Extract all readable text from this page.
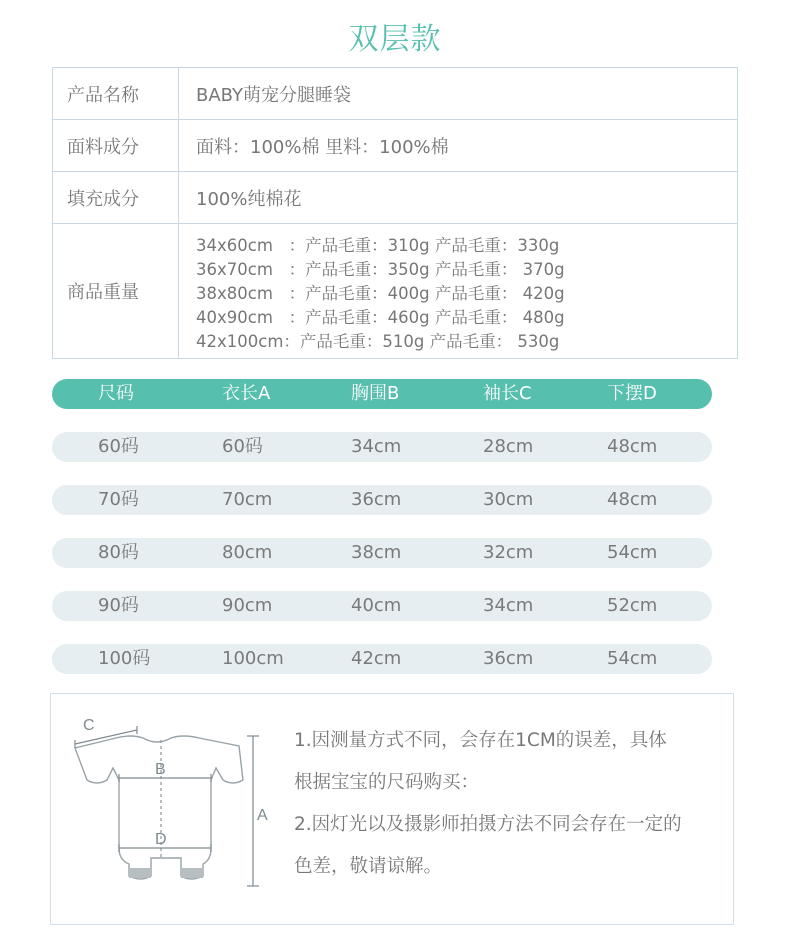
双层款
产品名称	BABY萌宠分腿睡袋
面料成分	面料：100%棉 里料：100%棉
填充成分	100%纯棉花
商品重量	34x60cm   ：产品毛重：310g 产品毛重：330g
36x70cm   ：产品毛重：350g 产品毛重： 370g
38x80cm   ：产品毛重：400g 产品毛重： 420g
40x90cm   ：产品毛重：460g 产品毛重： 480g
42x100cm：产品毛重：510g 产品毛重： 530g
尺码	衣长A	胸围B	袖长C	下摆D
60码	60码	34cm	28cm	48cm
70码	70cm	36cm	30cm	48cm
80码	80cm	38cm	32cm	54cm
90码	90cm	40cm	34cm	52cm
100码	100cm	42cm	36cm	54cm
C
B
D
A

1.因测量方式不同，会存在1CM的误差，具体

根据宝宝的尺码购买：

2.因灯光以及摄影师拍摄方法不同会存在一定的

色差，敬请谅解。
